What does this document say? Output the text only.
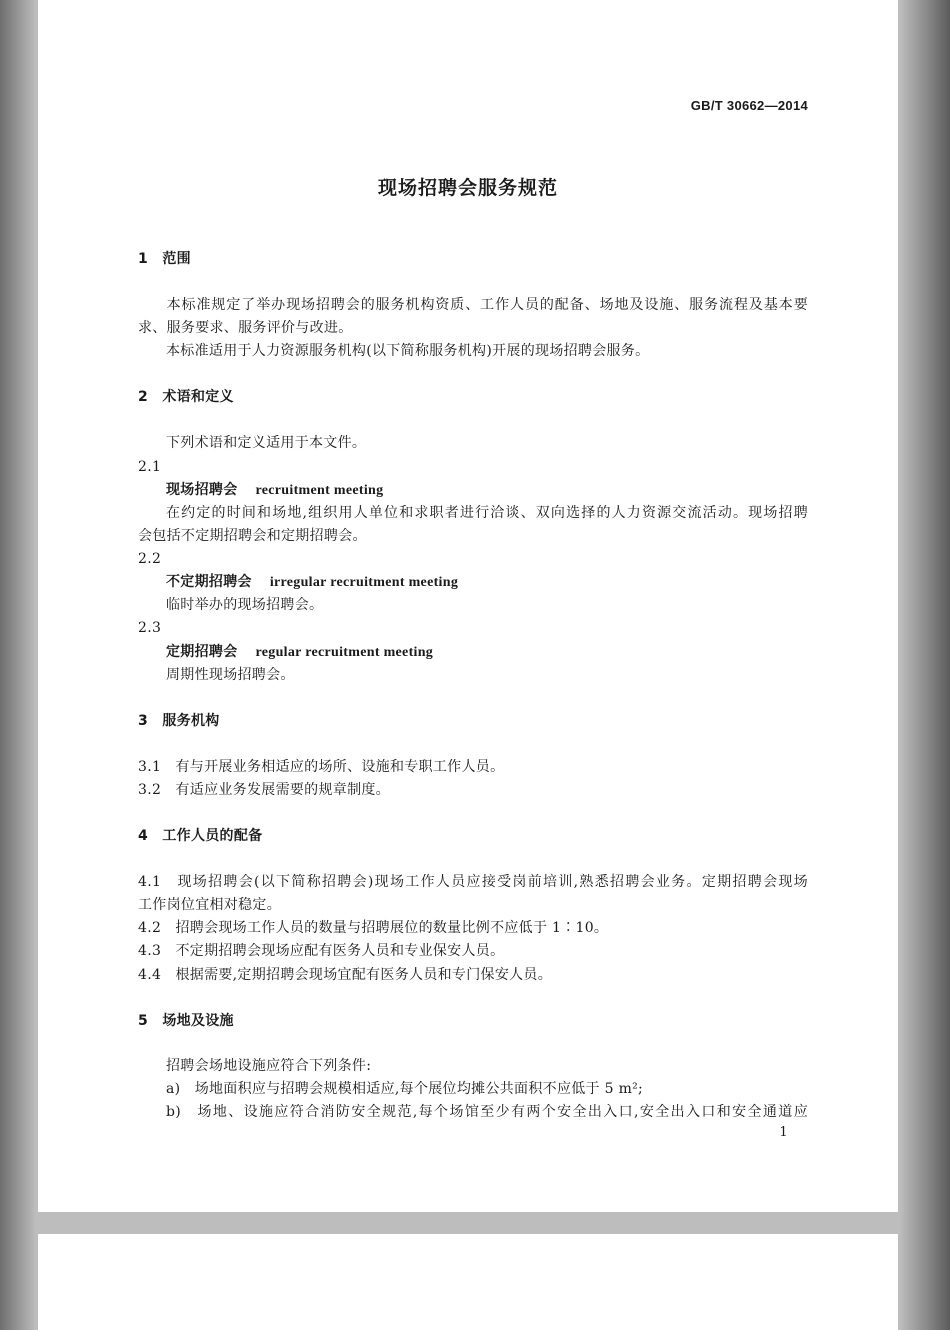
GB/T 30662—2014
现场招聘会服务规范
1　范围
本标准规定了举办现场招聘会的服务机构资质、工作人员的配备、场地及设施、服务流程及基本要
求、服务要求、服务评价与改进。
本标准适用于人力资源服务机构(以下简称服务机构)开展的现场招聘会服务。
2　术语和定义
下列术语和定义适用于本文件。
2.1
现场招聘会 recruitment meeting
在约定的时间和场地,组织用人单位和求职者进行洽谈、双向选择的人力资源交流活动。现场招聘
会包括不定期招聘会和定期招聘会。
2.2
不定期招聘会 irregular recruitment meeting
临时举办的现场招聘会。
2.3
定期招聘会 regular recruitment meeting
周期性现场招聘会。
3　服务机构
3.1　有与开展业务相适应的场所、设施和专职工作人员。
3.2　有适应业务发展需要的规章制度。
4　工作人员的配备
4.1　现场招聘会(以下简称招聘会)现场工作人员应接受岗前培训,熟悉招聘会业务。定期招聘会现场
工作岗位宜相对稳定。
4.2　招聘会现场工作人员的数量与招聘展位的数量比例不应低于 1∶10。
4.3　不定期招聘会现场应配有医务人员和专业保安人员。
4.4　根据需要,定期招聘会现场宜配有医务人员和专门保安人员。
5　场地及设施
招聘会场地设施应符合下列条件:
a)　场地面积应与招聘会规模相适应,每个展位均摊公共面积不应低于 5 m²;
b)　场地、设施应符合消防安全规范,每个场馆至少有两个安全出入口,安全出入口和安全通道应
1
